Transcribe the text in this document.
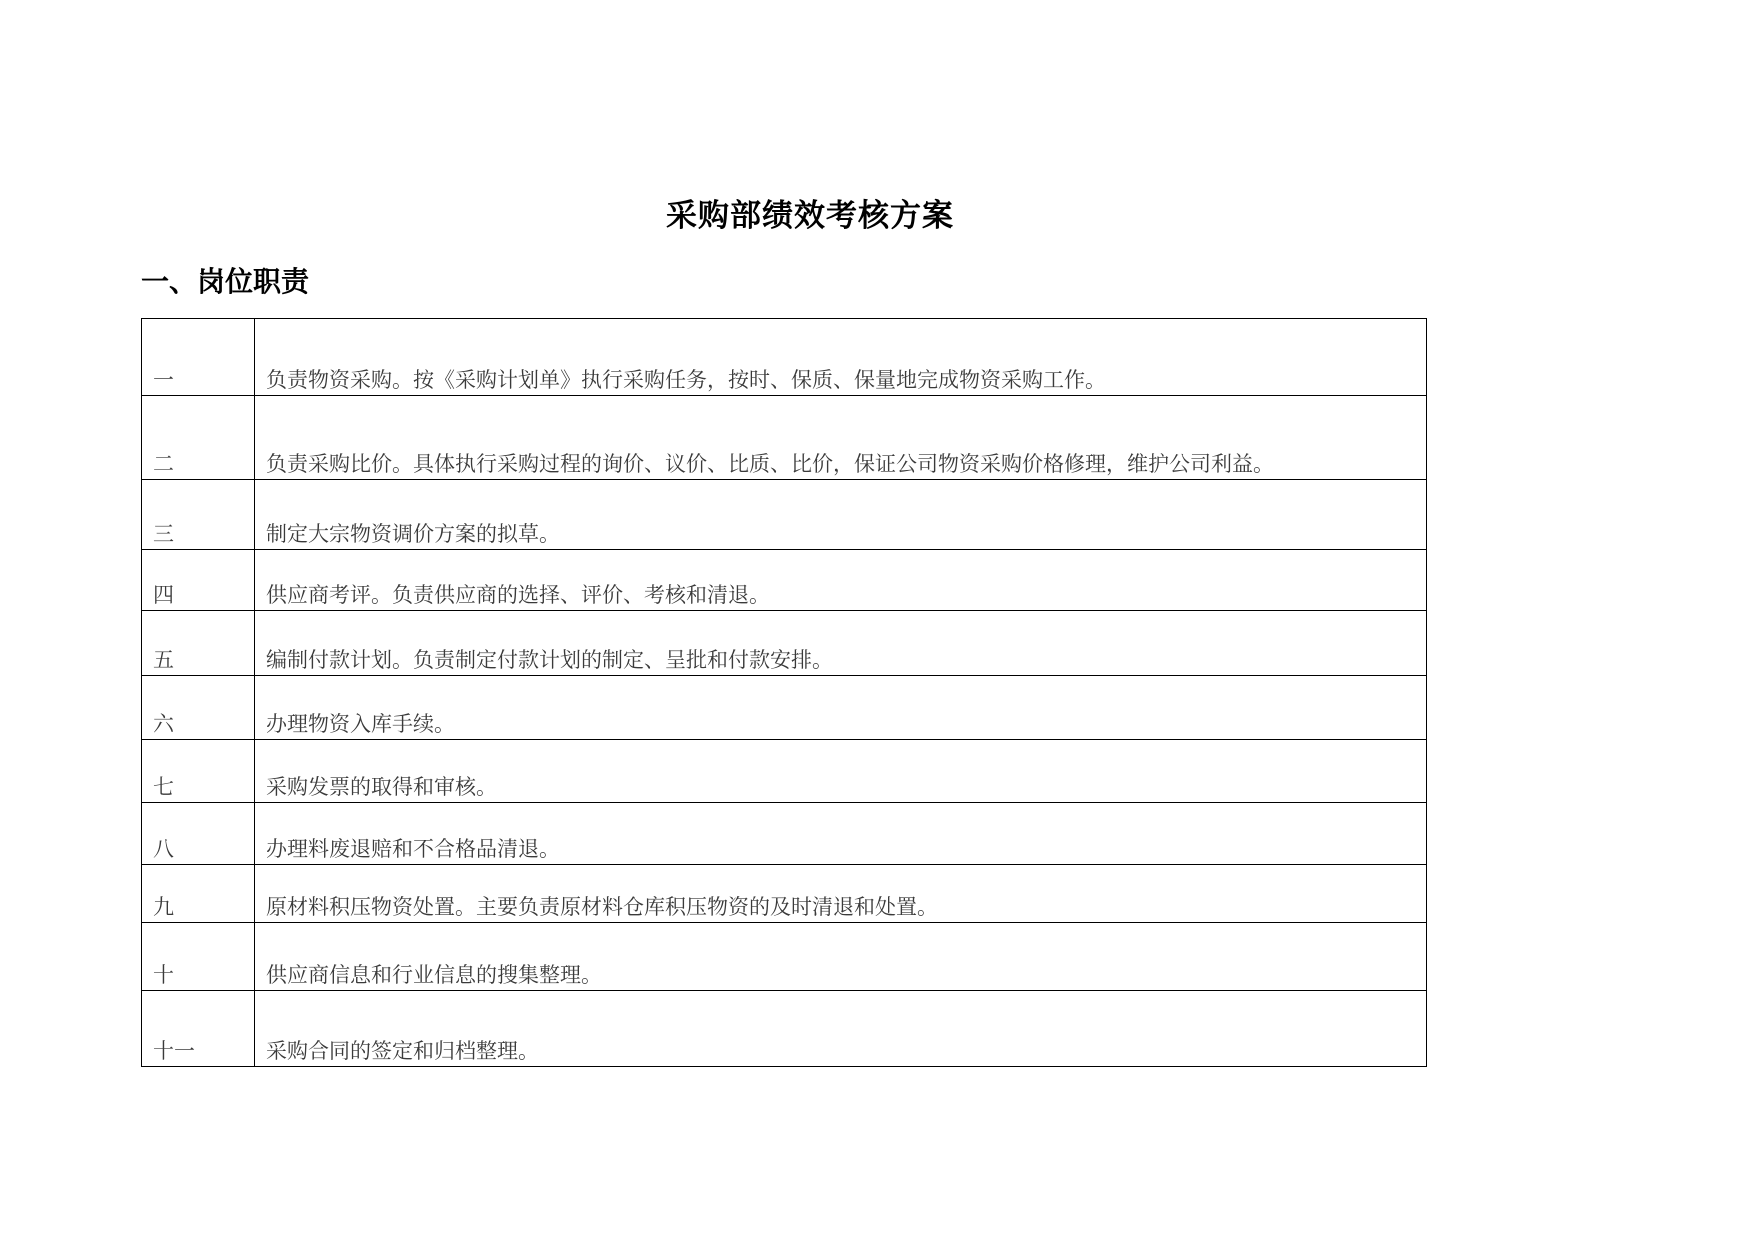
采购部绩效考核方案
一、岗位职责
一	负责物资采购。按《采购计划单》执行采购任务，按时、保质、保量地完成物资采购工作。
二	负责采购比价。具体执行采购过程的询价、议价、比质、比价，保证公司物资采购价格修理，维护公司利益。
三	制定大宗物资调价方案的拟草。
四	供应商考评。负责供应商的选择、评价、考核和清退。
五	编制付款计划。负责制定付款计划的制定、呈批和付款安排。
六	办理物资入库手续。
七	采购发票的取得和审核。
八	办理料废退赔和不合格品清退。
九	原材料积压物资处置。主要负责原材料仓库积压物资的及时清退和处置。
十	供应商信息和行业信息的搜集整理。
十一	采购合同的签定和归档整理。
